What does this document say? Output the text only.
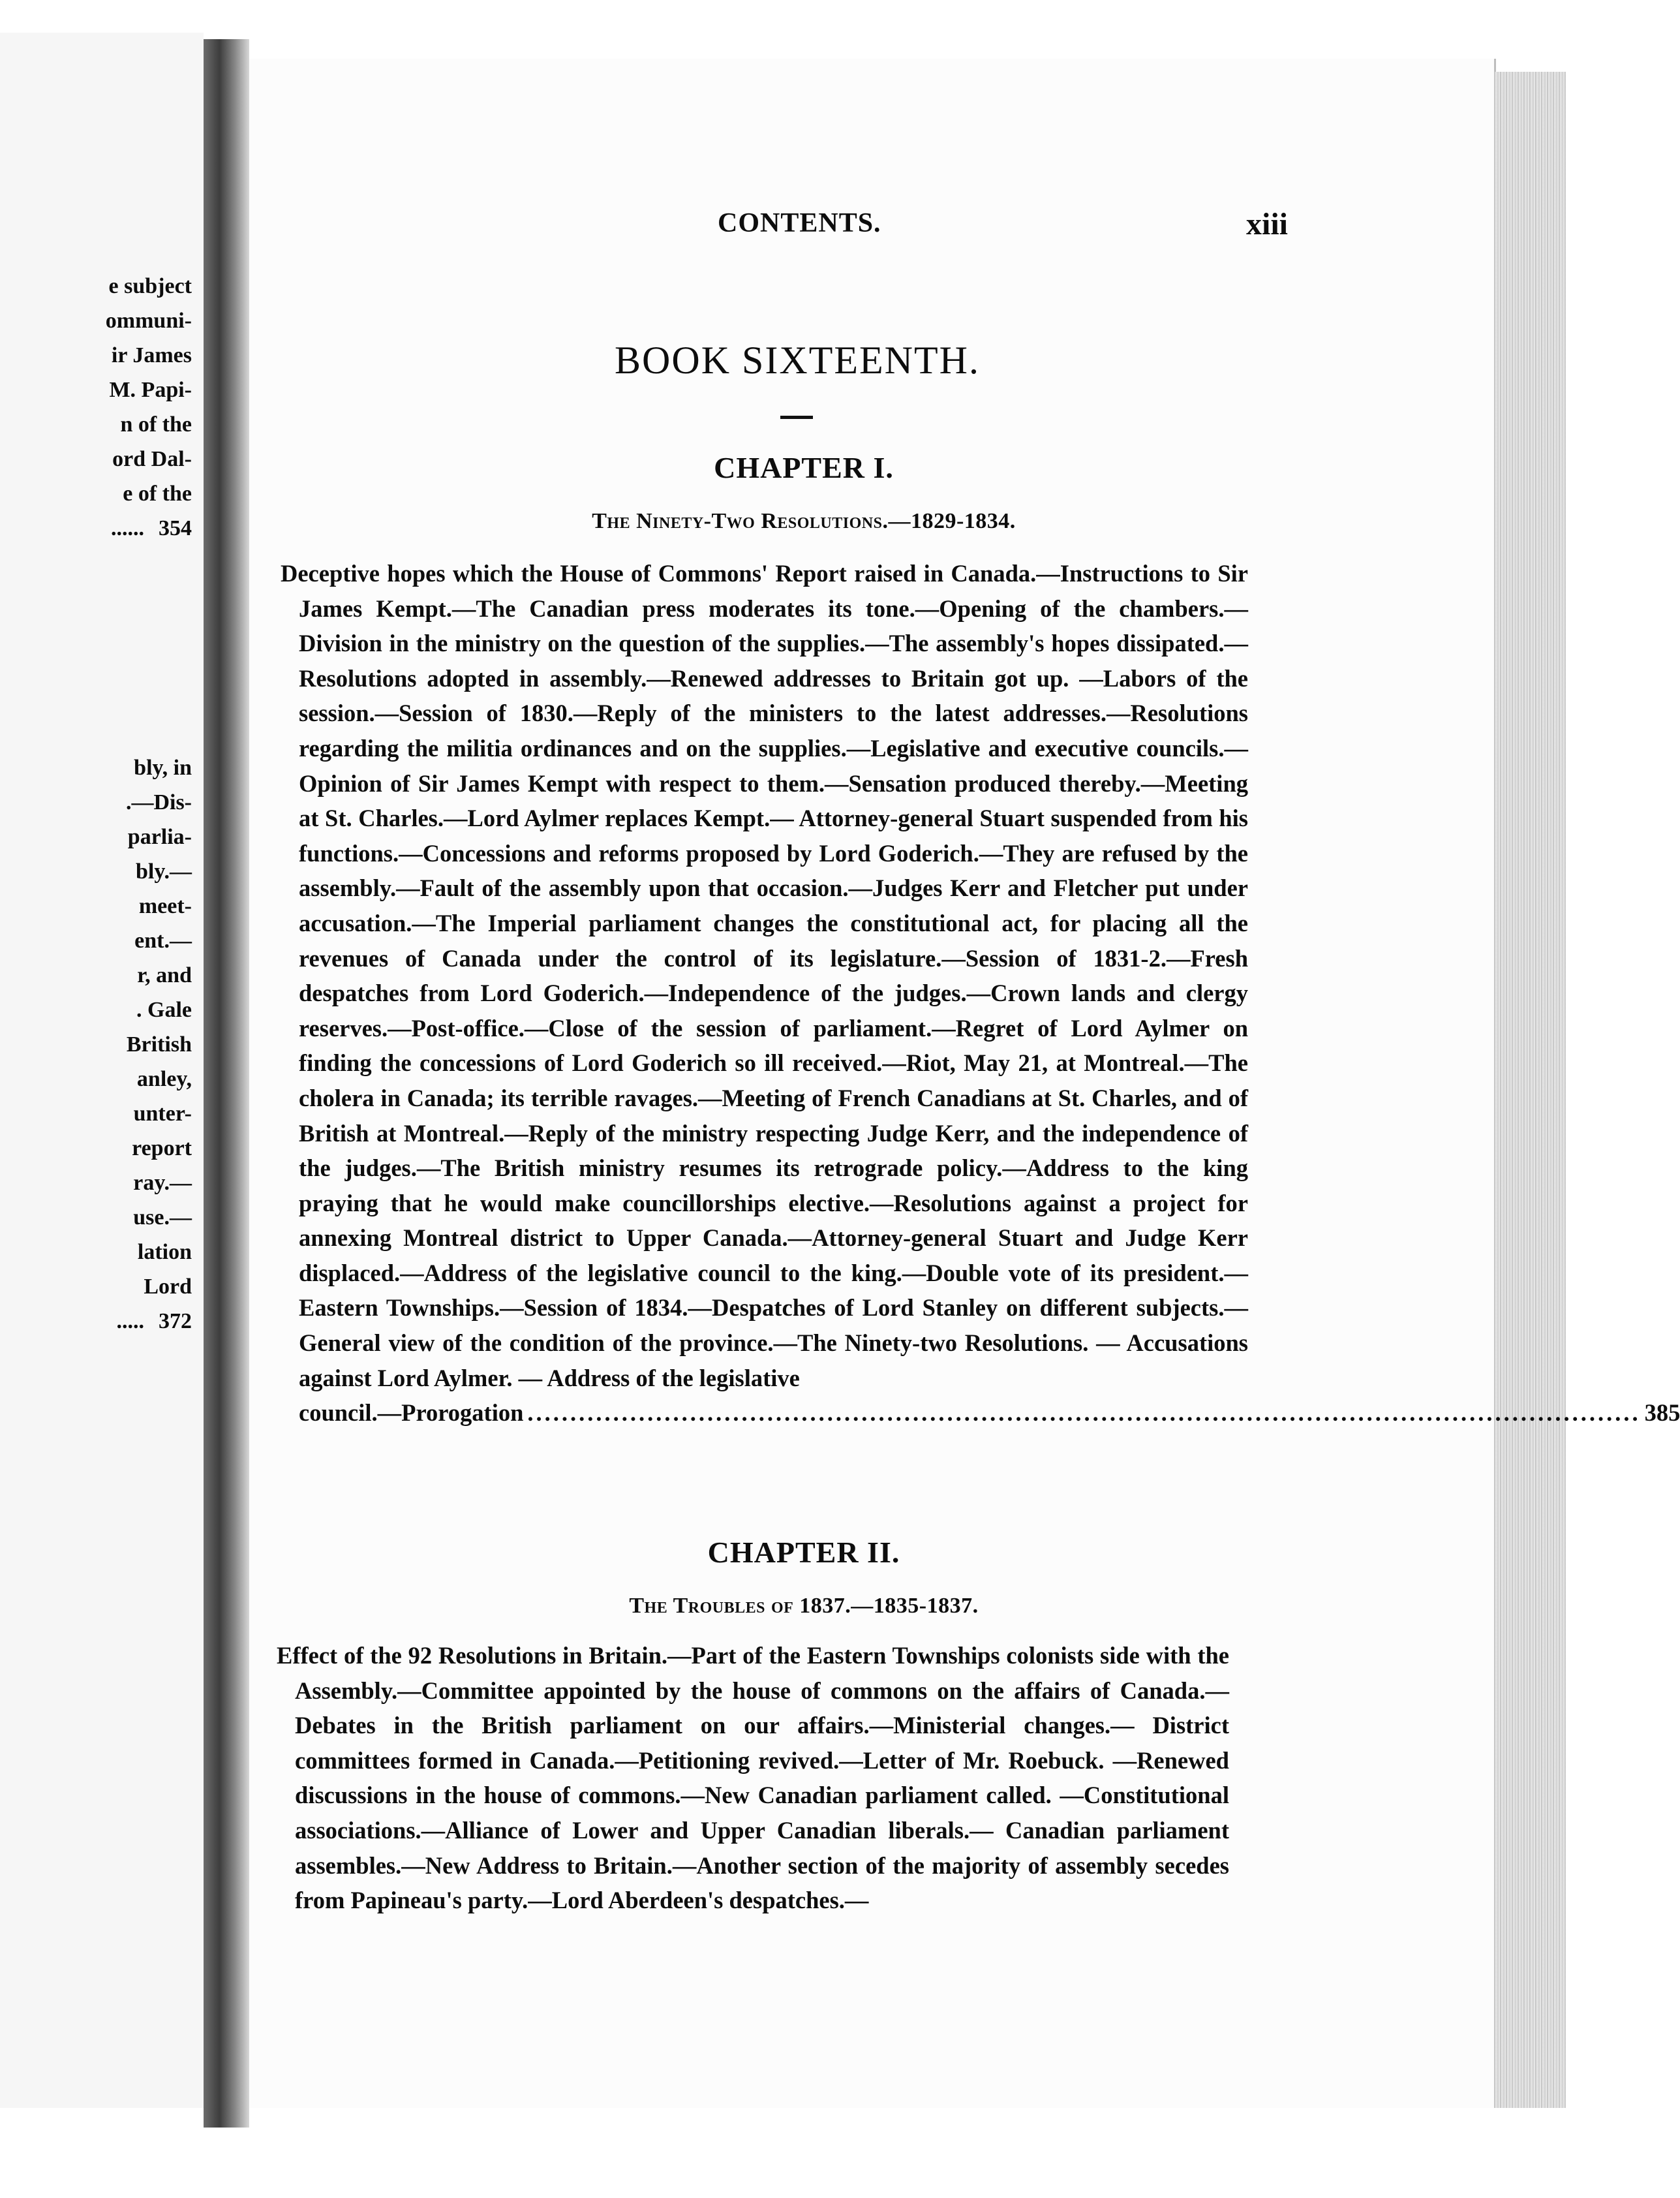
e subject
ommuni-
ir James
M. Papi-
n of the
ord Dal-
e of the
...... 354
bly, in
.—Dis-
parlia-
bly.—
meet-
ent.—
r, and
. Gale
British
anley,
unter-
report
ray.—
use.—
lation
Lord
..... 372
CONTENTS.	xiii
BOOK SIXTEENTH.
CHAPTER I.
The Ninety-Two Resolutions.—1829-1834.

Deceptive hopes which the House of Commons' Report raised in Canada.—Instructions to Sir James Kempt.—The Canadian press moderates its tone.—Opening of the chambers.—Division in the ministry on the question of the supplies.—The assembly's hopes dissipated.—Resolutions adopted in assembly.—Renewed addresses to Britain got up. —Labors of the session.—Session of 1830.—Reply of the ministers to the latest addresses.—Resolutions regarding the militia ordinances and on the supplies.—Legislative and executive councils.—Opinion of Sir James Kempt with respect to them.—Sensation produced thereby.—Meeting at St. Charles.—Lord Aylmer replaces Kempt.— Attorney-general Stuart suspended from his functions.—Concessions and reforms proposed by Lord Goderich.—They are refused by the assembly.—Fault of the assembly upon that occasion.—Judges Kerr and Fletcher put under accusation.—The Imperial parliament changes the constitutional act, for placing all the revenues of Canada under the control of its legislature.—Session of 1831-2.—Fresh despatches from Lord Goderich.—Independence of the judges.—Crown lands and clergy reserves.—Post-office.—Close of the session of parliament.—Regret of Lord Aylmer on finding the concessions of Lord Goderich so ill received.—Riot, May 21, at Montreal.—The cholera in Canada; its terrible ravages.—Meeting of French Canadians at St. Charles, and of British at Montreal.—Reply of the ministry respecting Judge Kerr, and the independence of the judges.—The British ministry resumes its retrograde policy.—Address to the king praying that he would make councillorships elective.—Resolutions against a project for annexing Montreal district to Upper Canada.—Attorney-general Stuart and Judge Kerr displaced.—Address of the legislative council to the king.—Double vote of its president.—Eastern Townships.—Session of 1834.—Despatches of Lord Stanley on different subjects.—General view of the condition of the province.—The Ninety-two Resolutions. — Accusations against Lord Aylmer. — Address of the legislative

council.—Prorogation .................................................................................................................................. 385
CHAPTER II.
The Troubles of 1837.—1835-1837.

Effect of the 92 Resolutions in Britain.—Part of the Eastern Townships colonists side with the Assembly.—Committee appointed by the house of commons on the affairs of Canada.—Debates in the British parliament on our affairs.—Ministerial changes.— District committees formed in Canada.—Petitioning revived.—Letter of Mr. Roebuck. —Renewed discussions in the house of commons.—New Canadian parliament called. —Constitutional associations.—Alliance of Lower and Upper Canadian liberals.— Canadian parliament assembles.—New Address to Britain.—Another section of the majority of assembly secedes from Papineau's party.—Lord Aberdeen's despatches.—
